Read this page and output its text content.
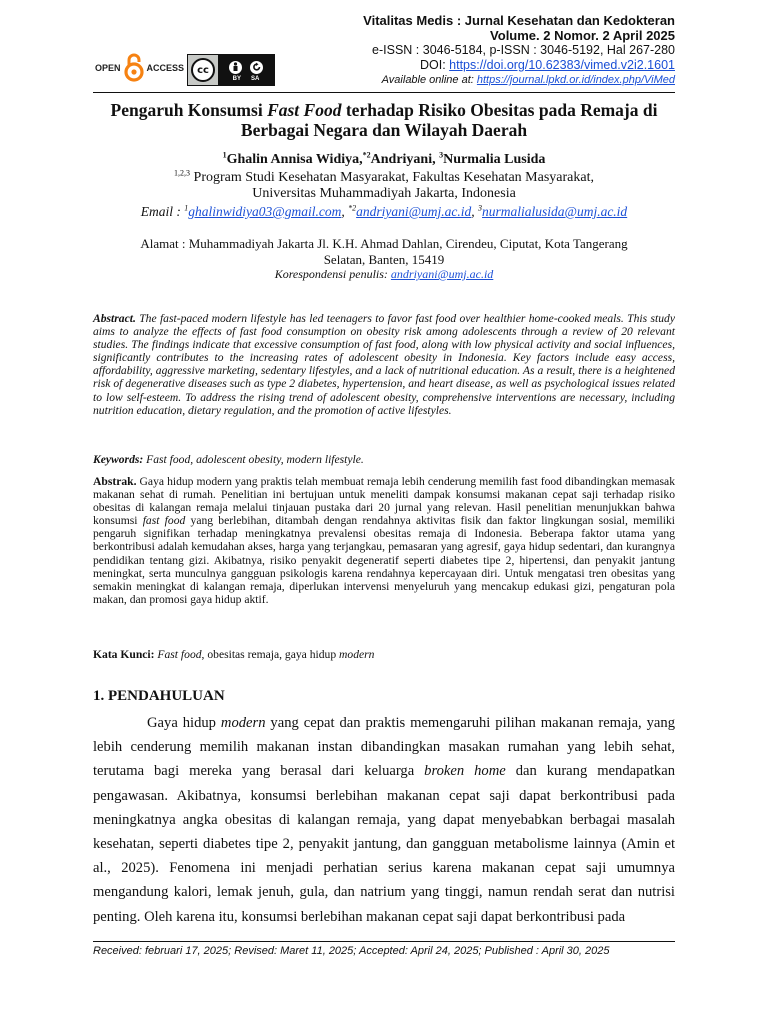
OPEN	ACCESS	cc
BY SA
Vitalitas Medis : Jurnal Kesehatan dan Kedokteran
Volume. 2 Nomor. 2 April 2025
e-ISSN : 3046-5184, p-ISSN : 3046-5192, Hal 267-280
DOI: https://doi.org/10.62383/vimed.v2i2.1601
Available online at: https://journal.lpkd.or.id/index.php/ViMed
Pengaruh Konsumsi Fast Food terhadap Risiko Obesitas pada Remaja di Berbagai Negara dan Wilayah Daerah
$^1$Ghalin Annisa Widiya,$^{*2}$Andriyani, $^3$Nurmalia Lusida
$^{1,2,3}$ Program Studi Kesehatan Masyarakat, Fakultas Kesehatan Masyarakat,
Universitas Muhammadiyah Jakarta, Indonesia
Email : $^1$ghalinwidiya03@gmail.com, $^{*2}$andriyani@umj.ac.id, $^3$nurmalialusida@umj.ac.id
Alamat : Muhammadiyah Jakarta Jl. K.H. Ahmad Dahlan, Cirendeu, Ciputat, Kota Tangerang
Selatan, Banten, 15419
Korespondensi penulis: andriyani@umj.ac.id
Abstract. The fast-paced modern lifestyle has led teenagers to favor fast food over healthier home-cooked meals. This study aims to analyze the effects of fast food consumption on obesity risk among adolescents through a review of 20 relevant studies. The findings indicate that excessive consumption of fast food, along with low physical activity and social influences, significantly contributes to the increasing rates of adolescent obesity in Indonesia. Key factors include easy access, affordability, aggressive marketing, sedentary lifestyles, and a lack of nutritional education. As a result, there is a heightened risk of degenerative diseases such as type 2 diabetes, hypertension, and heart disease, as well as psychological issues related to low self-esteem. To address the rising trend of adolescent obesity, comprehensive interventions are necessary, including nutrition education, dietary regulation, and the promotion of active lifestyles.
Keywords: Fast food, adolescent obesity, modern lifestyle.
Abstrak. Gaya hidup modern yang praktis telah membuat remaja lebih cenderung memilih fast food dibandingkan memasak makanan sehat di rumah. Penelitian ini bertujuan untuk meneliti dampak konsumsi makanan cepat saji terhadap risiko obesitas di kalangan remaja melalui tinjauan pustaka dari 20 jurnal yang relevan. Hasil penelitian menunjukkan bahwa konsumsi fast food yang berlebihan, ditambah dengan rendahnya aktivitas fisik dan faktor lingkungan sosial, memiliki pengaruh signifikan terhadap meningkatnya prevalensi obesitas remaja di Indonesia. Beberapa faktor utama yang berkontribusi adalah kemudahan akses, harga yang terjangkau, pemasaran yang agresif, gaya hidup sedentari, dan kurangnya pendidikan tentang gizi. Akibatnya, risiko penyakit degeneratif seperti diabetes tipe 2, hipertensi, dan penyakit jantung meningkat, serta munculnya gangguan psikologis karena rendahnya kepercayaan diri. Untuk mengatasi tren obesitas yang semakin meningkat di kalangan remaja, diperlukan intervensi menyeluruh yang mencakup edukasi gizi, pengaturan pola makan, dan promosi gaya hidup aktif.
Kata Kunci: Fast food, obesitas remaja, gaya hidup modern
1. PENDAHULUAN
Gaya hidup modern yang cepat dan praktis memengaruhi pilihan makanan remaja, yang lebih cenderung memilih makanan instan dibandingkan masakan rumahan yang lebih sehat, terutama bagi mereka yang berasal dari keluarga broken home dan kurang mendapatkan pengawasan. Akibatnya, konsumsi berlebihan makanan cepat saji dapat berkontribusi pada meningkatnya angka obesitas di kalangan remaja, yang dapat menyebabkan berbagai masalah kesehatan, seperti diabetes tipe 2, penyakit jantung, dan gangguan metabolisme lainnya (Amin et al., 2025). Fenomena ini menjadi perhatian serius karena makanan cepat saji umumnya mengandung kalori, lemak jenuh, gula, dan natrium yang tinggi, namun rendah serat dan nutrisi penting. Oleh karena itu, konsumsi berlebihan makanan cepat saji dapat berkontribusi pada
Received: februari 17, 2025; Revised: Maret 11, 2025; Accepted: April 24, 2025; Published : April 30, 2025
